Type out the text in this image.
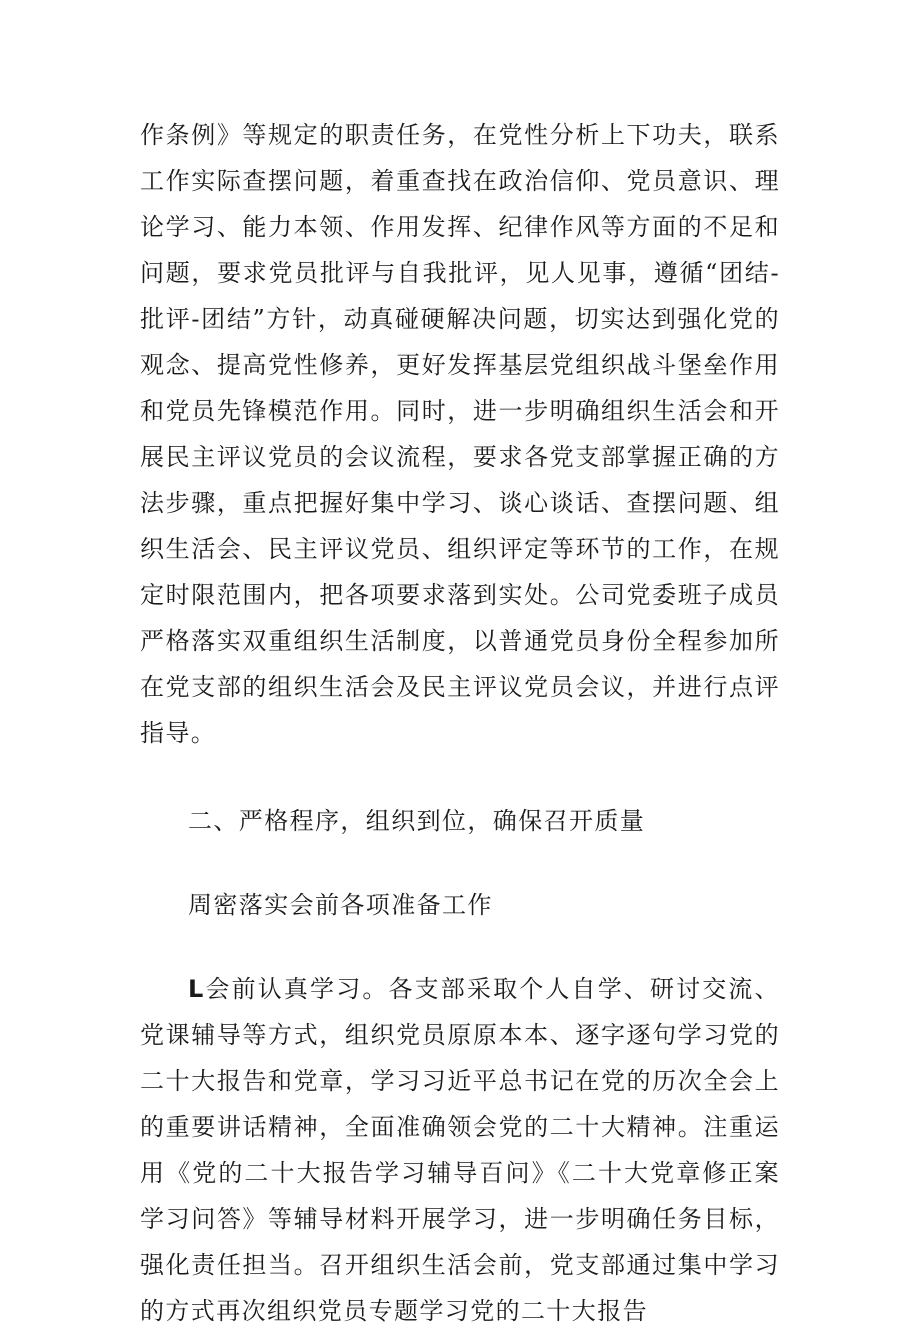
作条例》等规定的职责任务，在党性分析上下功夫，联系工作实际查摆问题，着重查找在政治信仰、党员意识、理论学习、能力本领、作用发挥、纪律作风等方面的不足和问题，要求党员批评与自我批评，见人见事，遵循“团结-批评-团结”方针，动真碰硬解决问题，切实达到强化党的观念、提高党性修养，更好发挥基层党组织战斗堡垒作用和党员先锋模范作用。同时，进一步明确组织生活会和开展民主评议党员的会议流程，要求各党支部掌握正确的方法步骤，重点把握好集中学习、谈心谈话、查摆问题、组织生活会、民主评议党员、组织评定等环节的工作，在规定时限范围内，把各项要求落到实处。公司党委班子成员严格落实双重组织生活制度，以普通党员身份全程参加所在党支部的组织生活会及民主评议党员会议，并进行点评指导。

二、严格程序，组织到位，确保召开质量

周密落实会前各项准备工作

L会前认真学习。各支部采取个人自学、研讨交流、党课辅导等方式，组织党员原原本本、逐字逐句学习党的二十大报告和党章，学习习近平总书记在党的历次全会上的重要讲话精神，全面准确领会党的二十大精神。注重运用《党的二十大报告学习辅导百问》《二十大党章修正案学习问答》等辅导材料开展学习，进一步明确任务目标，强化责任担当。召开组织生活会前，党支部通过集中学习的方式再次组织党员专题学习党的二十大报告
